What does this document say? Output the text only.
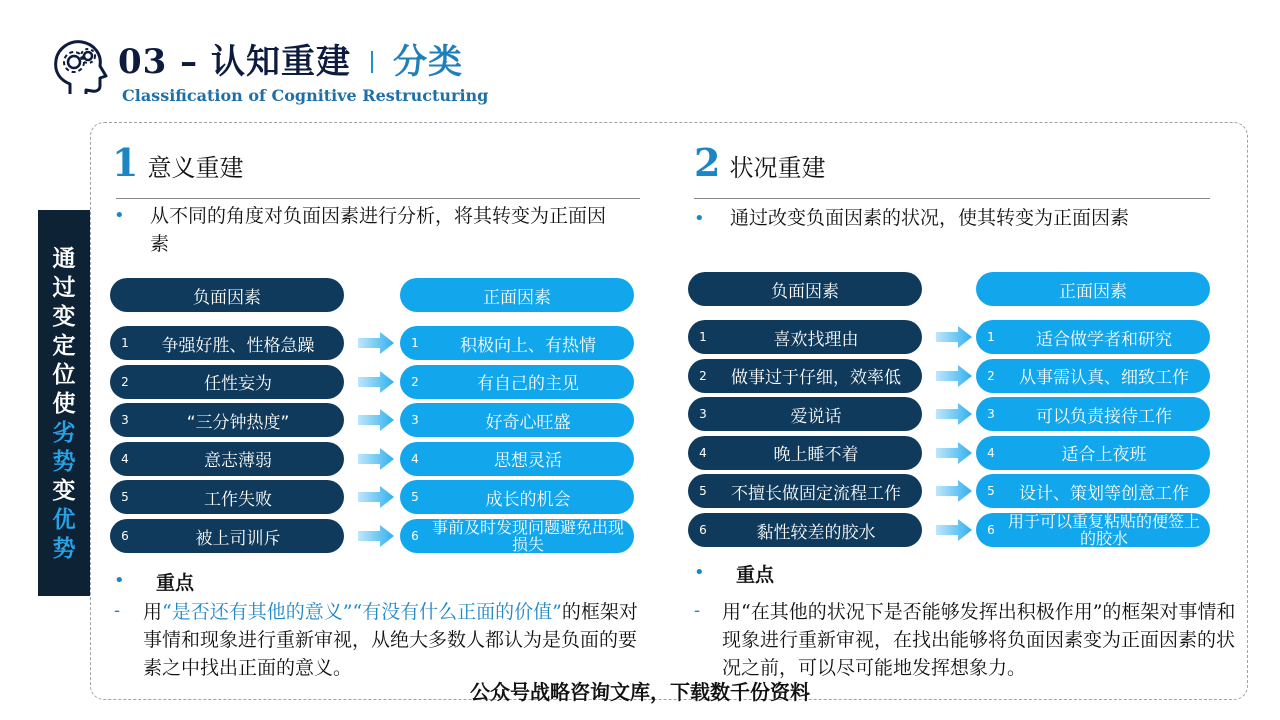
03 – 认知重建 分类
Classification of Cognitive Restructuring
通
过
变
定
位
使
劣
势
变
优
势
1 意义重建
• 从不同的角度对负面因素进行分析，将其转变为正面因素
负面因素	正面因素
1	争强好胜、性格急躁	1	积极向上、有热情
2	任性妄为	2	有自己的主见
3	“三分钟热度”	3	好奇心旺盛
4	意志薄弱	4	思想灵活
5	工作失败	5	成长的机会
6	被上司训斥	6 事前及时发现问题避免出现损失
• 重点
- 用“是否还有其他的意义”“有没有什么正面的价值”的框架对事情和现象进行重新审视，从绝大多数人都认为是负面的要素之中找出正面的意义。
2 状况重建
• 通过改变负面因素的状况，使其转变为正面因素
负面因素	正面因素
1	喜欢找理由	1	适合做学者和研究
2	做事过于仔细，效率低	2	从事需认真、细致工作
3	爱说话	3	可以负责接待工作
4	晚上睡不着	4	适合上夜班
5	不擅长做固定流程工作	5	设计、策划等创意工作
6	黏性较差的胶水	6 用于可以重复粘贴的便签上的胶水
• 重点
- 用“在其他的状况下是否能够发挥出积极作用”的框架对事情和现象进行重新审视，在找出能够将负面因素变为正面因素的状况之前，可以尽可能地发挥想象力。
公众号战略咨询文库，下载数千份资料
